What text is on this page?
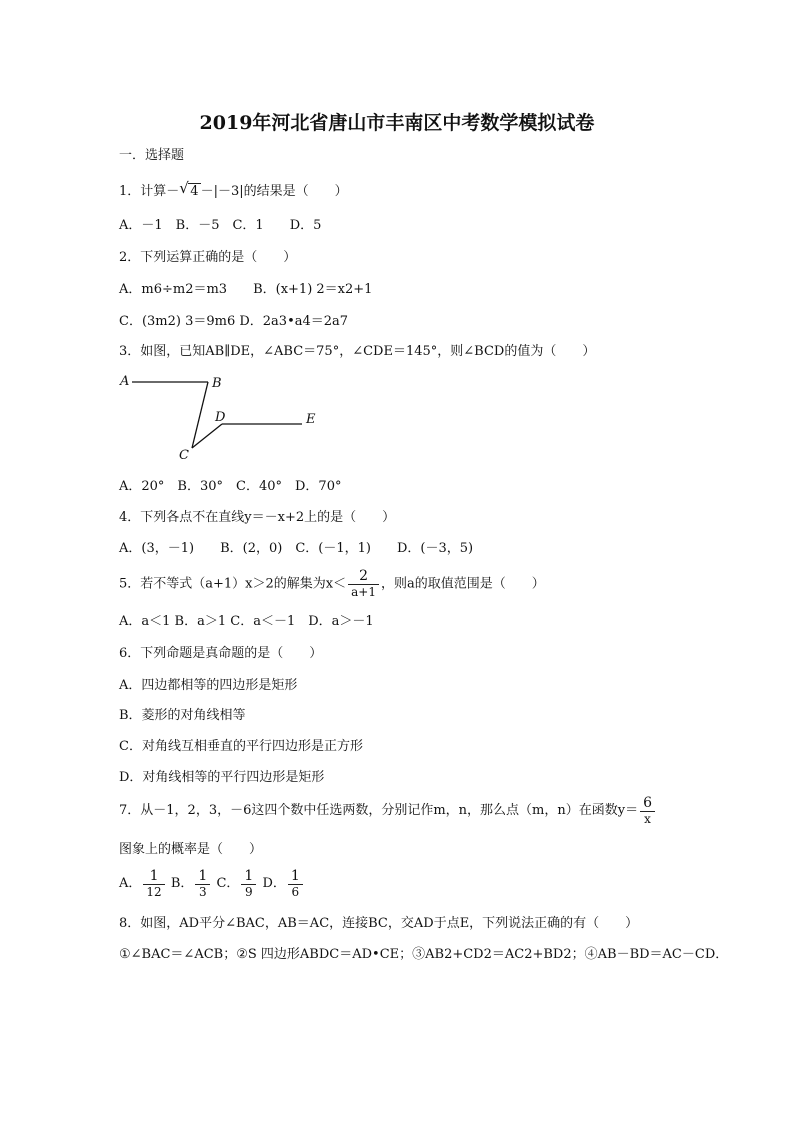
2019年河北省唐山市丰南区中考数学模拟试卷
一．选择题
1．计算－ √ 4 －|－3|的结果是（　　）
A．－1　B．－5　C．1　　D．5
2．下列运算正确的是（　　）
A．m6÷m2＝m3　　B．(x+1) 2＝x2+1
C．(3m2) 3＝9m6 D．2a3•a4＝2a7
3．如图，已知AB∥DE，∠ABC＝75°，∠CDE＝145°，则∠BCD的值为（　　）
A	B
D	E
C
A．20°　B．30°　C．40°　D．70°
4．下列各点不在直线y＝－x+2上的是（　　）
A．(3，－1)　　B．(2，0)　C．(－1，1)　　D．(－3，5)
5．若不等式（a+1）x＞2的解集为$x< \frac{2}{a+1}$ ，则a的取值范围是（　　）
A．a＜1 B．a＞1 C．a＜－1　D．a＞－1
6．下列命题是真命题的是（　　）
A．四边都相等的四边形是矩形
B．菱形的对角线相等
C．对角线互相垂直的平行四边形是正方形
D．对角线相等的平行四边形是矩形
7．从－1，2，3，－6这四个数中任选两数，分别记作m，n，那么点（m，n）在函数$y= \frac{6}{x}$
图象上的概率是（　　）
A． $\frac{1}{12}$ B． $\frac{1}{3}$ C． $\frac{1}{9}$ D． $\frac{1}{6}$
8．如图，AD平分∠BAC，AB＝AC，连接BC，交AD于点E，下列说法正确的有（　　）
①∠BAC＝∠ACB；②S 四边形ABDC＝AD•CE；③AB2+CD2＝AC2+BD2；④AB－BD＝AC－CD．
